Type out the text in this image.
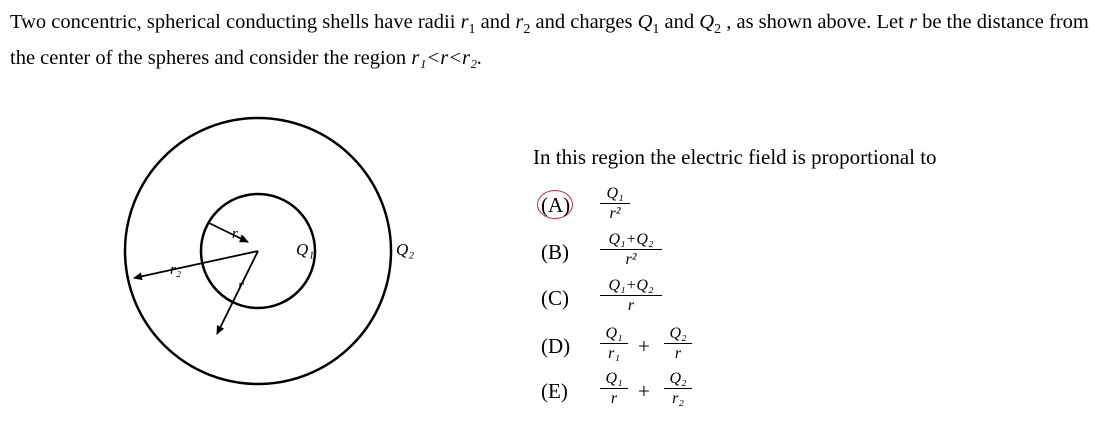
Two concentric, spherical conducting shells have radii $r_1$ and $r_2$ and charges $Q_1$ and $Q_2$ , as shown above. Let r be the distance from the center of the spheres and consider the region r₁<r<r₂.
r₁
r₂
r
Q₁	Q₂
In this region the electric field is proportional to
(A)	Q₁
r²
(B)
Q₁+Q₂
r²
(C)
Q₁+Q₂
r
(D)
Q₁
r₁ +
Q₂
r
(E)
Q₁
r +
Q₂
r₂
